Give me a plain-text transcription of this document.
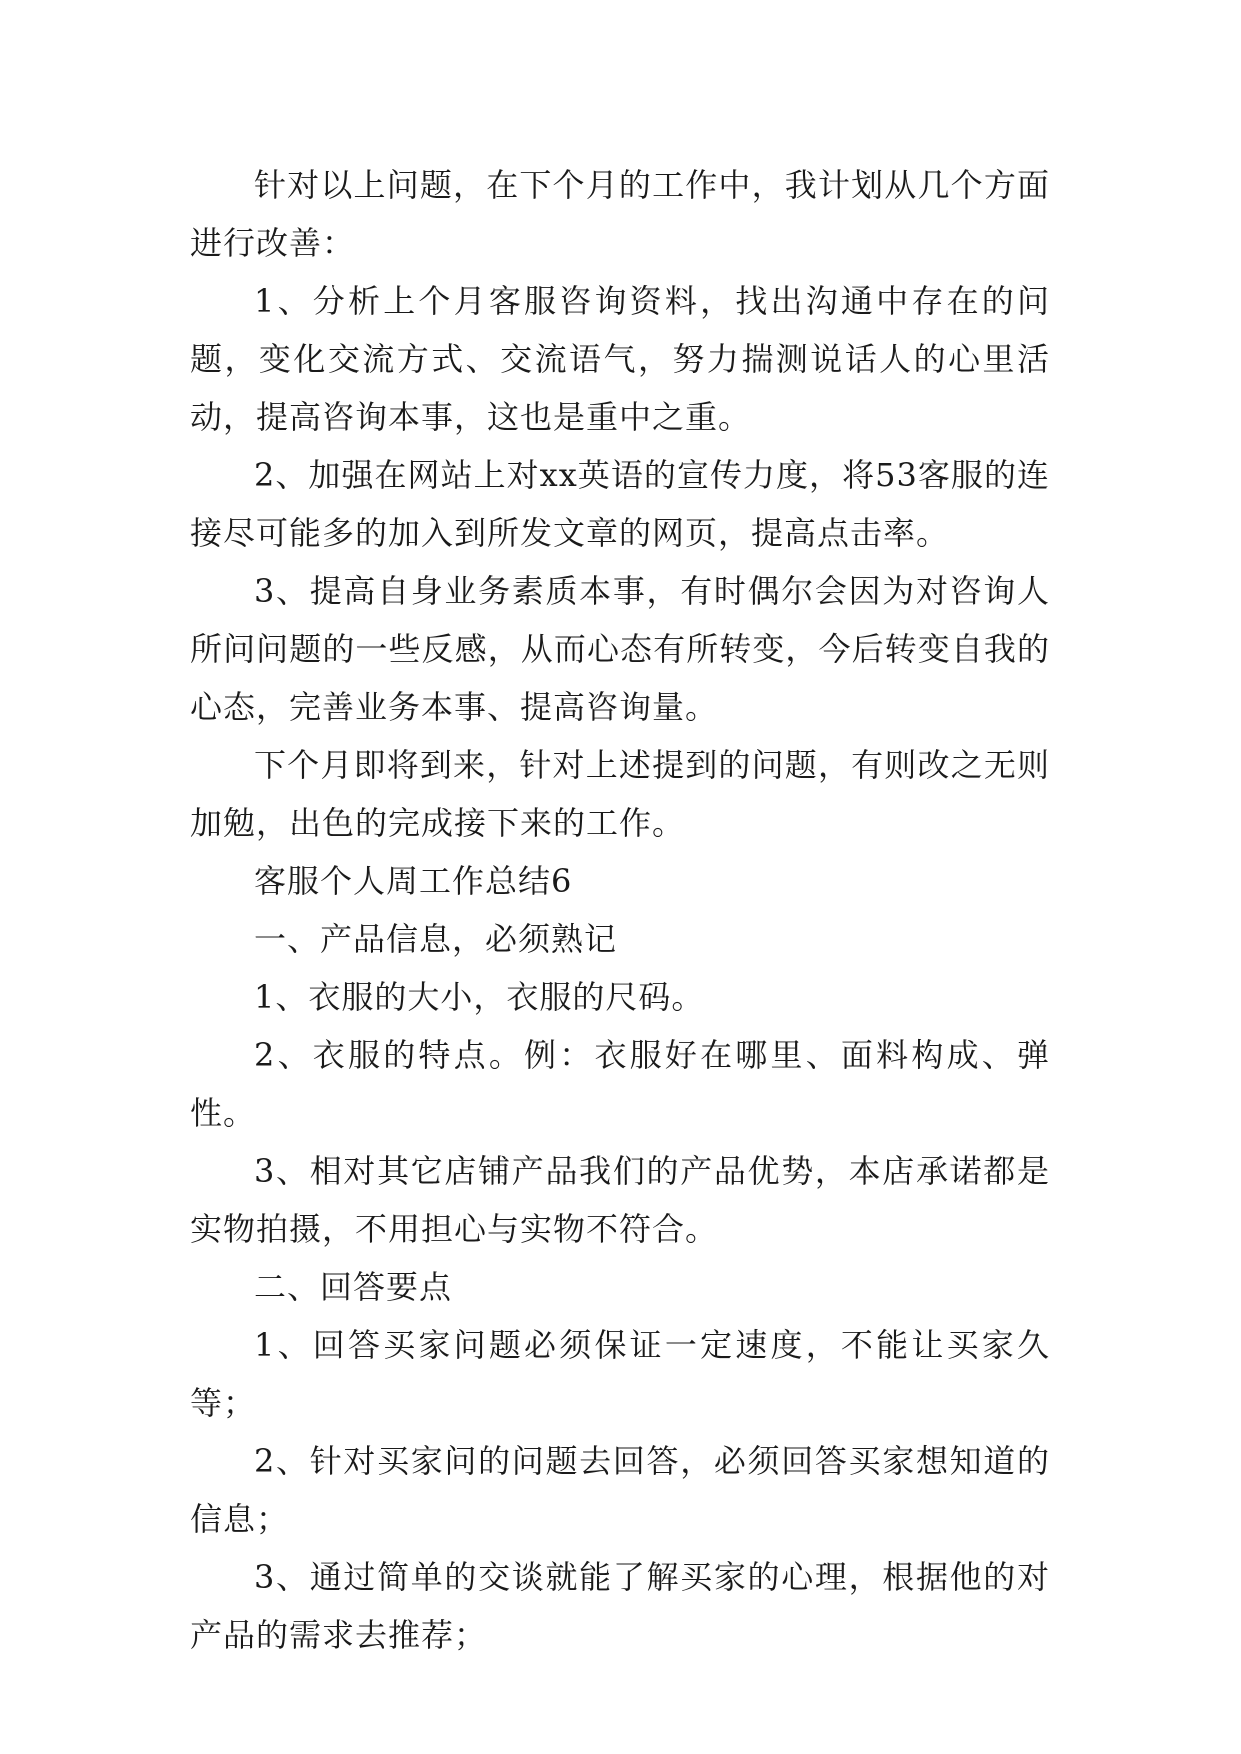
针对以上问题，在下个月的工作中，我计划从几个方面进行改善：

1、分析上个月客服咨询资料，找出沟通中存在的问题，变化交流方式、交流语气，努力揣测说话人的心里活动，提高咨询本事，这也是重中之重。

2、加强在网站上对xx英语的宣传力度，将53客服的连接尽可能多的加入到所发文章的网页，提高点击率。

3、提高自身业务素质本事，有时偶尔会因为对咨询人所问问题的一些反感，从而心态有所转变，今后转变自我的心态，完善业务本事、提高咨询量。

下个月即将到来，针对上述提到的问题，有则改之无则加勉，出色的完成接下来的工作。

客服个人周工作总结6

一、产品信息，必须熟记

1、衣服的大小，衣服的尺码。

2、衣服的特点。例：衣服好在哪里、面料构成、弹性。

3、相对其它店铺产品我们的产品优势，本店承诺都是实物拍摄，不用担心与实物不符合。

二、回答要点

1、回答买家问题必须保证一定速度，不能让买家久等；

2、针对买家问的问题去回答，必须回答买家想知道的信息；

3、通过简单的交谈就能了解买家的心理，根据他的对产品的需求去推荐；
